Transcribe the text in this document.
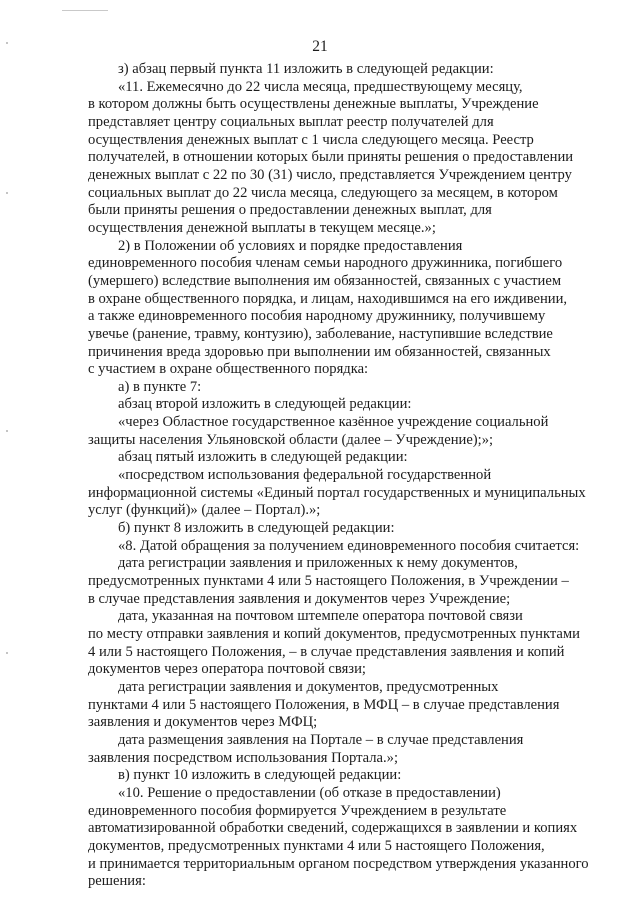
21
з) абзац первый пункта 11 изложить в следующей редакции:
«11. Ежемесячно до 22 числа месяца, предшествующему месяцу,
в котором должны быть осуществлены денежные выплаты, Учреждение
представляет центру социальных выплат реестр получателей для
осуществления денежных выплат с 1 числа следующего месяца. Реестр
получателей, в отношении которых были приняты решения о предоставлении
денежных выплат с 22 по 30 (31) число, представляется Учреждением центру
социальных выплат до 22 числа месяца, следующего за месяцем, в котором
были приняты решения о предоставлении денежных выплат, для
осуществления денежной выплаты в текущем месяце.»;
2) в Положении об условиях и порядке предоставления
единовременного пособия членам семьи народного дружинника, погибшего
(умершего) вследствие выполнения им обязанностей, связанных с участием
в охране общественного порядка, и лицам, находившимся на его иждивении,
а также единовременного пособия народному дружиннику, получившему
увечье (ранение, травму, контузию), заболевание, наступившие вследствие
причинения вреда здоровью при выполнении им обязанностей, связанных
с участием в охране общественного порядка:
а) в пункте 7:
абзац второй изложить в следующей редакции:
«через Областное государственное казённое учреждение социальной
защиты населения Ульяновской области (далее – Учреждение);»;
абзац пятый изложить в следующей редакции:
«посредством использования федеральной государственной
информационной системы «Единый портал государственных и муниципальных
услуг (функций)» (далее – Портал).»;
б) пункт 8 изложить в следующей редакции:
«8. Датой обращения за получением единовременного пособия считается:
дата регистрации заявления и приложенных к нему документов,
предусмотренных пунктами 4 или 5 настоящего Положения, в Учреждении –
в случае представления заявления и документов через Учреждение;
дата, указанная на почтовом штемпеле оператора почтовой связи
по месту отправки заявления и копий документов, предусмотренных пунктами
4 или 5 настоящего Положения, – в случае представления заявления и копий
документов через оператора почтовой связи;
дата регистрации заявления и документов, предусмотренных
пунктами 4 или 5 настоящего Положения, в МФЦ – в случае представления
заявления и документов через МФЦ;
дата размещения заявления на Портале – в случае представления
заявления посредством использования Портала.»;
в) пункт 10 изложить в следующей редакции:
«10. Решение о предоставлении (об отказе в предоставлении)
единовременного пособия формируется Учреждением в результате
автоматизированной обработки сведений, содержащихся в заявлении и копиях
документов, предусмотренных пунктами 4 или 5 настоящего Положения,
и принимается территориальным органом посредством утверждения указанного
решения:
